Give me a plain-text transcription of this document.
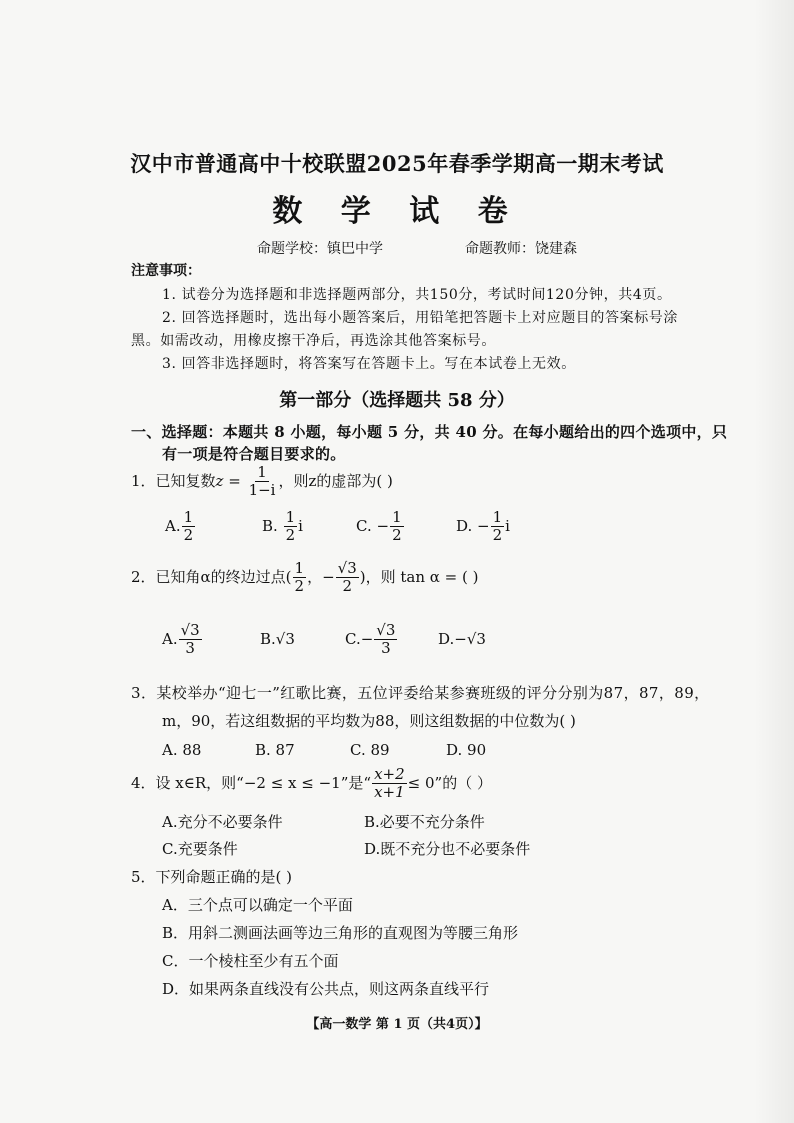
汉中市普通高中十校联盟2025年春季学期高一期末考试
数 学 试 卷
命题学校：镇巴中学	命题教师：饶建森
注意事项：
1. 试卷分为选择题和非选择题两部分，共150分，考试时间120分钟，共4页。
2. 回答选择题时，选出每小题答案后，用铅笔把答题卡上对应题目的答案标号涂
黑。如需改动，用橡皮擦干净后，再选涂其他答案标号。
3. 回答非选择题时，将答案写在答题卡上。写在本试卷上无效。
第一部分（选择题共 58 分）
一、选择题：本题共 8 小题，每小题 5 分，共 40 分。在每小题给出的四个选项中，只
有一项是符合题目要求的。
1．已知复数$z = \frac{1}{1-i}$ ，则z的虚部为( )
A. $\frac{1}{2}$	B. $\frac{1}{2}$ i	C. − $\frac{1}{2}$	D. − $\frac{1}{2}$ i
2．已知角α的终边过点( $\frac{1}{2}$ ，− $\frac{√3}{2}$ )，则 tan α = ( )
A. $\frac{√3}{3}$	B.√3	$C.- \frac{√3}{3}$	D.−√3
3．某校举办“迎七一”红歌比赛，五位评委给某参赛班级的评分分别为87，87，89，
m，90，若这组数据的平均数为88，则这组数据的中位数为( )
A. 88	B. 87	C. 89	D. 90
4．设 x∈R，则“−2 ≤ x ≤ −1”是“ $\frac{x+2}{x+1} \le 0$”的（ ）
A.充分不必要条件	B.必要不充分条件
C.充要条件	D.既不充分也不必要条件
5．下列命题正确的是( )
A．三个点可以确定一个平面
B．用斜二测画法画等边三角形的直观图为等腰三角形
C．一个棱柱至少有五个面
D．如果两条直线没有公共点，则这两条直线平行
【高一数学 第 1 页（共4页）】
